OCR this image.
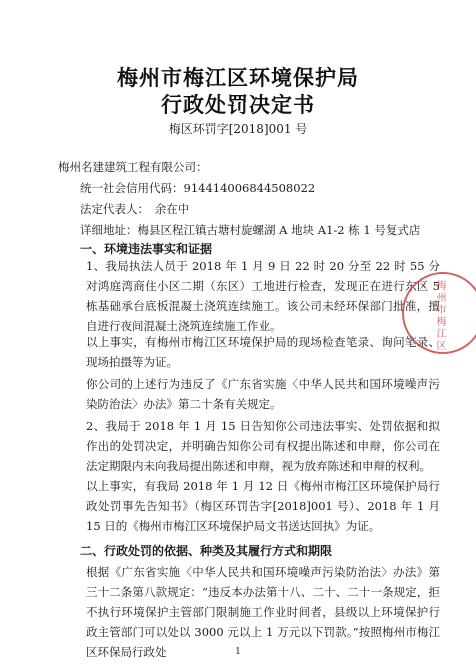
梅州市梅江区环境保护局
行政处罚决定书
梅区环罚字[2018]001 号
梅州名建建筑工程有限公司：
统一社会信用代码：914414006844508022
法定代表人：　余在中
详细地址：梅县区程江镇古塘村旋螺湖 A 地块 A1-2 栋 1 号复式店
一、环境违法事实和证据
1、我局执法人员于 2018 年 1 月 9 日 22 时 20 分至 22 时 55 分对鸿庭湾商住小区二期（东区）工地进行检查，发现正在进行东区 5 栋基础承台底板混凝土浇筑连续施工。该公司未经环保部门批准，擅自进行夜间混凝土浇筑连续施工作业。
以上事实，有梅州市梅江区环境保护局的现场检查笔录、询问笔录、现场拍摄等为证。
你公司的上述行为违反了《广东省实施〈中华人民共和国环境噪声污染防治法〉办法》第二十条有关规定。
2、我局于 2018 年 1 月 15 日告知你公司违法事实、处罚依据和拟作出的处罚决定，并明确告知你公司有权提出陈述和申辩，你公司在法定期限内未向我局提出陈述和申辩，视为放弃陈述和申辩的权利。
以上事实，有我局 2018 年 1 月 12 日《梅州市梅江区环境保护局行政处罚事先告知书》（梅区环罚告字[2018]001 号）、2018 年 1 月 15 日的《梅州市梅江区环境保护局文书送达回执》为证。
二、行政处罚的依据、种类及其履行方式和期限
根据《广东省实施〈中华人民共和国环境噪声污染防治法〉办法》第三十二条第八款规定：“违反本办法第十八、二十、二十一条规定，拒不执行环境保护主管部门限制施工作业时间者，县级以上环境保护行政主管部门可以处以 3000 元以上 1 万元以下罚款。”按照梅州市梅江区环保局行政处
梅州市梅江区
1
